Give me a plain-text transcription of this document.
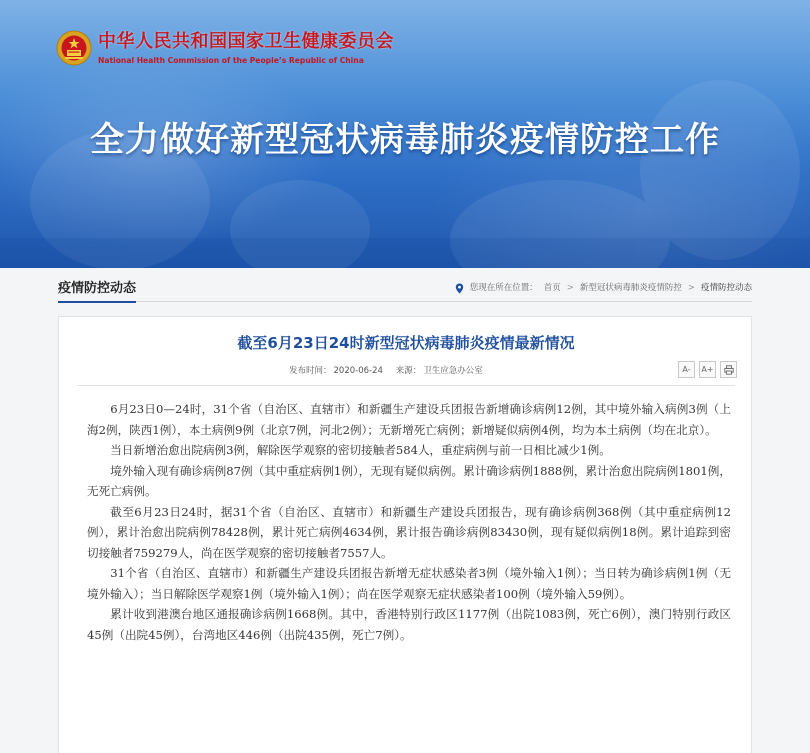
中华人民共和国国家卫生健康委员会
National Health Commission of the People’s Republic of China
全力做好新型冠状病毒肺炎疫情防控工作
疫情防控动态	您现在所在位置： 首页 > 新型冠状病毒肺炎疫情防控 > 疫情防控动态
截至6月23日24时新型冠状病毒肺炎疫情最新情况
发布时间： 2020-06-24 来源： 卫生应急办公室	A-	A+

6月23日0—24时，31个省（自治区、直辖市）和新疆生产建设兵团报告新增确诊病例12例，其中境外输入病例3例（上海2例，陕西1例），本土病例9例（北京7例，河北2例）；无新增死亡病例；新增疑似病例4例，均为本土病例（均在北京）。

当日新增治愈出院病例3例，解除医学观察的密切接触者584人，重症病例与前一日相比减少1例。

境外输入现有确诊病例87例（其中重症病例1例），无现有疑似病例。累计确诊病例1888例，累计治愈出院病例1801例，无死亡病例。

截至6月23日24时，据31个省（自治区、直辖市）和新疆生产建设兵团报告，现有确诊病例368例（其中重症病例12例），累计治愈出院病例78428例，累计死亡病例4634例，累计报告确诊病例83430例，现有疑似病例18例。累计追踪到密切接触者759279人，尚在医学观察的密切接触者7557人。

31个省（自治区、直辖市）和新疆生产建设兵团报告新增无症状感染者3例（境外输入1例）；当日转为确诊病例1例（无境外输入）；当日解除医学观察1例（境外输入1例）；尚在医学观察无症状感染者100例（境外输入59例）。

累计收到港澳台地区通报确诊病例1668例。其中，香港特别行政区1177例（出院1083例，死亡6例），澳门特别行政区45例（出院45例），台湾地区446例（出院435例，死亡7例）。
